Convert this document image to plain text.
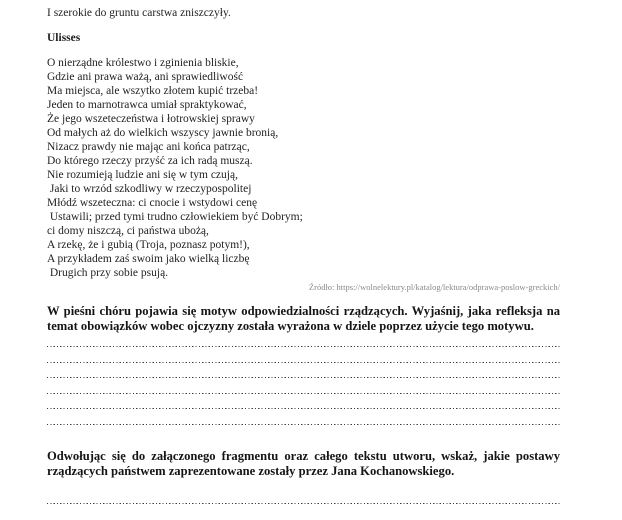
I szerokie do gruntu carstwa zniszczyły.

Ulisses

O nierządne królestwo i zginienia bliskie,
Gdzie ani prawa ważą, ani sprawiedliwość
Ma miejsca, ale wszytko złotem kupić trzeba!
Jeden to marnotrawca umiał spraktykować,
Że jego wszeteczeństwa i łotrowskiej sprawy
Od małych aż do wielkich wszyscy jawnie bronią,
Nizacz prawdy nie mając ani końca patrząc,
Do którego rzeczy przyść za ich radą muszą.
Nie rozumieją ludzie ani się w tym czują,
Jaki to wrzód szkodliwy w rzeczypospolitej
Młódź wszeteczna: ci cnocie i wstydowi cenę
Ustawili; przed tymi trudno człowiekiem być Dobrym;
ci domy niszczą, ci państwa ubożą,
A rzekę, że i gubią (Troja, poznasz potym!),
A przykładem zaś swoim jako wielką liczbę
Drugich przy sobie psują.

Źródło: https://wolnelektury.pl/katalog/lektura/odprawa-poslow-greckich/

W pieśni chóru pojawia się motyw odpowiedzialności rządzących. Wyjaśnij, jaka refleksja na temat obowiązków wobec ojczyzny została wyrażona w dziele poprzez użycie tego motywu.

Odwołując się do załączonego fragmentu oraz całego tekstu utworu, wskaż, jakie postawy rządzących państwem zaprezentowane zostały przez Jana Kochanowskiego.
